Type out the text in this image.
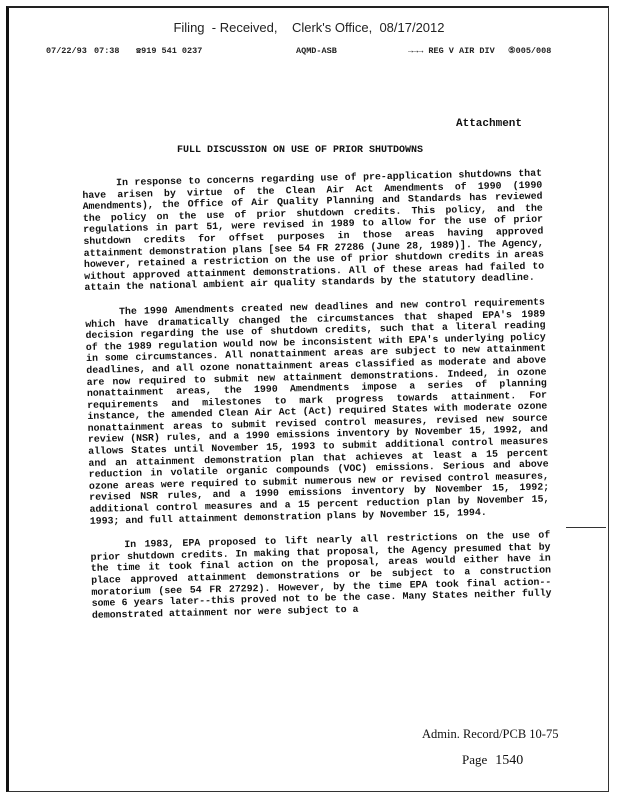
Filing  - Received,    Clerk's Office,  08/17/2012
07/22/93 07:38 ☎919 541 0237	AQMD-ASB	→→→ REG V AIR DIV ⑤005/008
Attachment
FULL DISCUSSION ON USE OF PRIOR SHUTDOWNS

In response to concerns regarding use of pre-application shutdowns that have arisen by virtue of the Clean Air Act Amendments of 1990 (1990 Amendments), the Office of Air Quality Planning and Standards has reviewed the policy on the use of prior shutdown credits. This policy, and the regulations in part 51, were revised in 1989 to allow for the use of prior shutdown credits for offset purposes in those areas having approved attainment demonstration plans [see 54 FR 27286 (June 28, 1989)]. The Agency, however, retained a restriction on the use of prior shutdown credits in areas without approved attainment demonstrations. All of these areas had failed to attain the national ambient air quality standards by the statutory deadline.

The 1990 Amendments created new deadlines and new control requirements which have dramatically changed the circumstances that shaped EPA's 1989 decision regarding the use of shutdown credits, such that a literal reading of the 1989 regulation would now be inconsistent with EPA's underlying policy in some circumstances. All nonattainment areas are subject to new attainment deadlines, and all ozone nonattainment areas classified as moderate and above are now required to submit new attainment demonstrations. Indeed, in ozone nonattainment areas, the 1990 Amendments impose a series of planning requirements and milestones to mark progress towards attainment. For instance, the amended Clean Air Act (Act) required States with moderate ozone nonattainment areas to submit revised control measures, revised new source review (NSR) rules, and a 1990 emissions inventory by November 15, 1992, and allows States until November 15, 1993 to submit additional control measures and an attainment demonstration plan that achieves at least a 15 percent reduction in volatile organic compounds (VOC) emissions. Serious and above ozone areas were required to submit numerous new or revised control measures, revised NSR rules, and a 1990 emissions inventory by November 15, 1992; additional control measures and a 15 percent reduction plan by November 15, 1993; and full attainment demonstration plans by November 15, 1994.

In 1983, EPA proposed to lift nearly all restrictions on the use of prior shutdown credits. In making that proposal, the Agency presumed that by the time it took final action on the proposal, areas would either have in place approved attainment demonstrations or be subject to a construction moratorium (see 54 FR 27292). However, by the time EPA took final action--some 6 years later--this proved not to be the case. Many States neither fully demonstrated attainment nor were subject to a

Admin. Record/PCB 10-75
Page 1540
